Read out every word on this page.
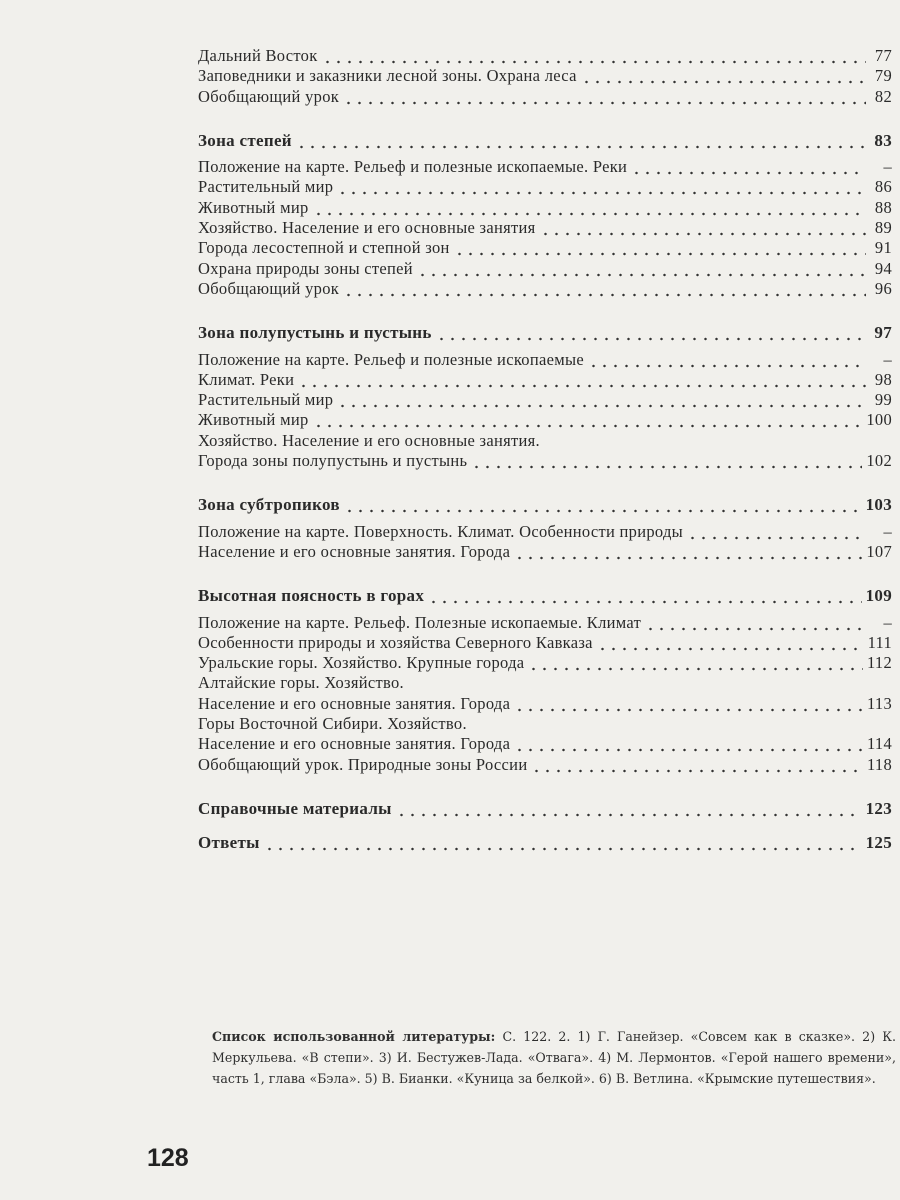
Дальний Восток	77
Заповедники и заказники лесной зоны. Охрана леса	79
Обобщающий урок	82
Зона степей	83
Положение на карте. Рельеф и полезные ископаемые. Реки	–
Растительный мир	86
Животный мир	88
Хозяйство. Население и его основные занятия	89
Города лесостепной и степной зон	91
Охрана природы зоны степей	94
Обобщающий урок	96
Зона полупустынь и пустынь	97
Положение на карте. Рельеф и полезные ископаемые	–
Климат. Реки	98
Растительный мир	99
Животный мир	100
Хозяйство. Население и его основные занятия.
Города зоны полупустынь и пустынь	102
Зона субтропиков	103
Положение на карте. Поверхность. Климат. Особенности природы	–
Население и его основные занятия. Города	107
Высотная поясность в горах	109
Положение на карте. Рельеф. Полезные ископаемые. Климат	–
Особенности природы и хозяйства Северного Кавказа	111
Уральские горы. Хозяйство. Крупные города	112
Алтайские горы. Хозяйство.
Население и его основные занятия. Города	113
Горы Восточной Сибири. Хозяйство.
Население и его основные занятия. Города	114
Обобщающий урок. Природные зоны России	118
Справочные материалы	123
Ответы	125
Список использованной литературы: С. 122. 2. 1) Г. Ганейзер. «Совсем как в сказке». 2) К. Меркульева. «В степи». 3) И. Бестужев-Лада. «Отвага». 4) М. Лермонтов. «Герой нашего времени», часть 1, глава «Бэла». 5) В. Бианки. «Куница за белкой». 6) В. Ветлина. «Крымские путешествия».
128
